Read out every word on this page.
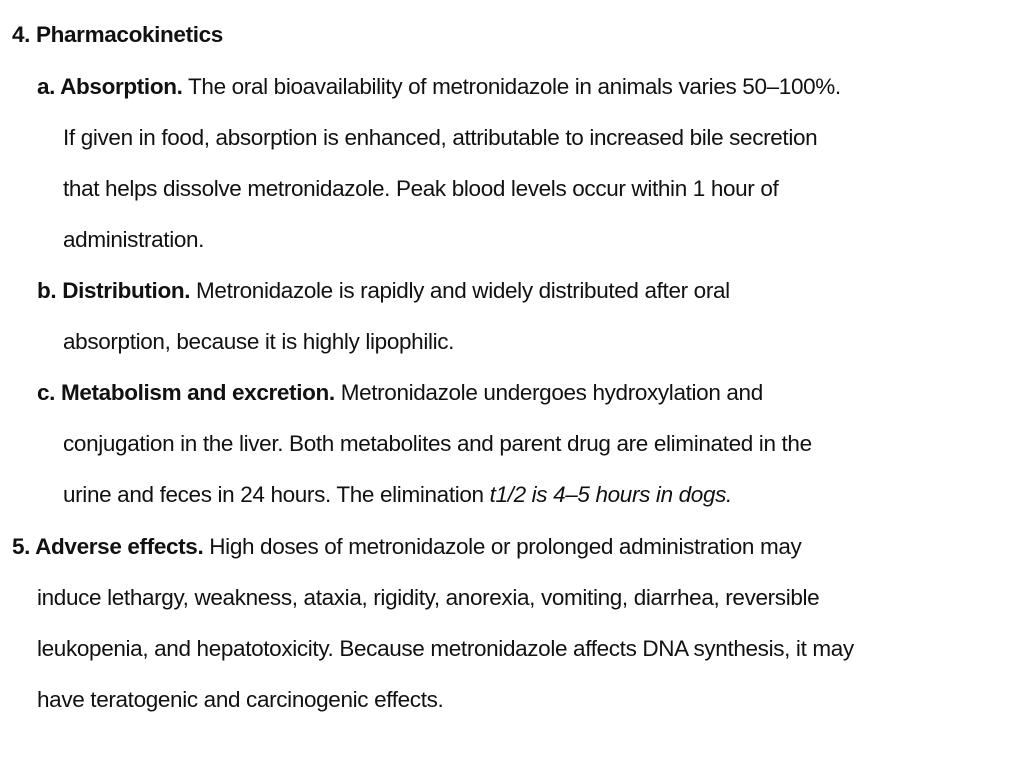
4. Pharmacokinetics
a. Absorption. The oral bioavailability of metronidazole in animals varies 50–100%.
If given in food, absorption is enhanced, attributable to increased bile secretion
that helps dissolve metronidazole. Peak blood levels occur within 1 hour of
administration.
b. Distribution. Metronidazole is rapidly and widely distributed after oral
absorption, because it is highly lipophilic.
c. Metabolism and excretion. Metronidazole undergoes hydroxylation and
conjugation in the liver. Both metabolites and parent drug are eliminated in the
urine and feces in 24 hours. The elimination t1/2 is 4–5 hours in dogs.
5. Adverse effects. High doses of metronidazole or prolonged administration may
induce lethargy, weakness, ataxia, rigidity, anorexia, vomiting, diarrhea, reversible
leukopenia, and hepatotoxicity. Because metronidazole affects DNA synthesis, it may
have teratogenic and carcinogenic effects.
